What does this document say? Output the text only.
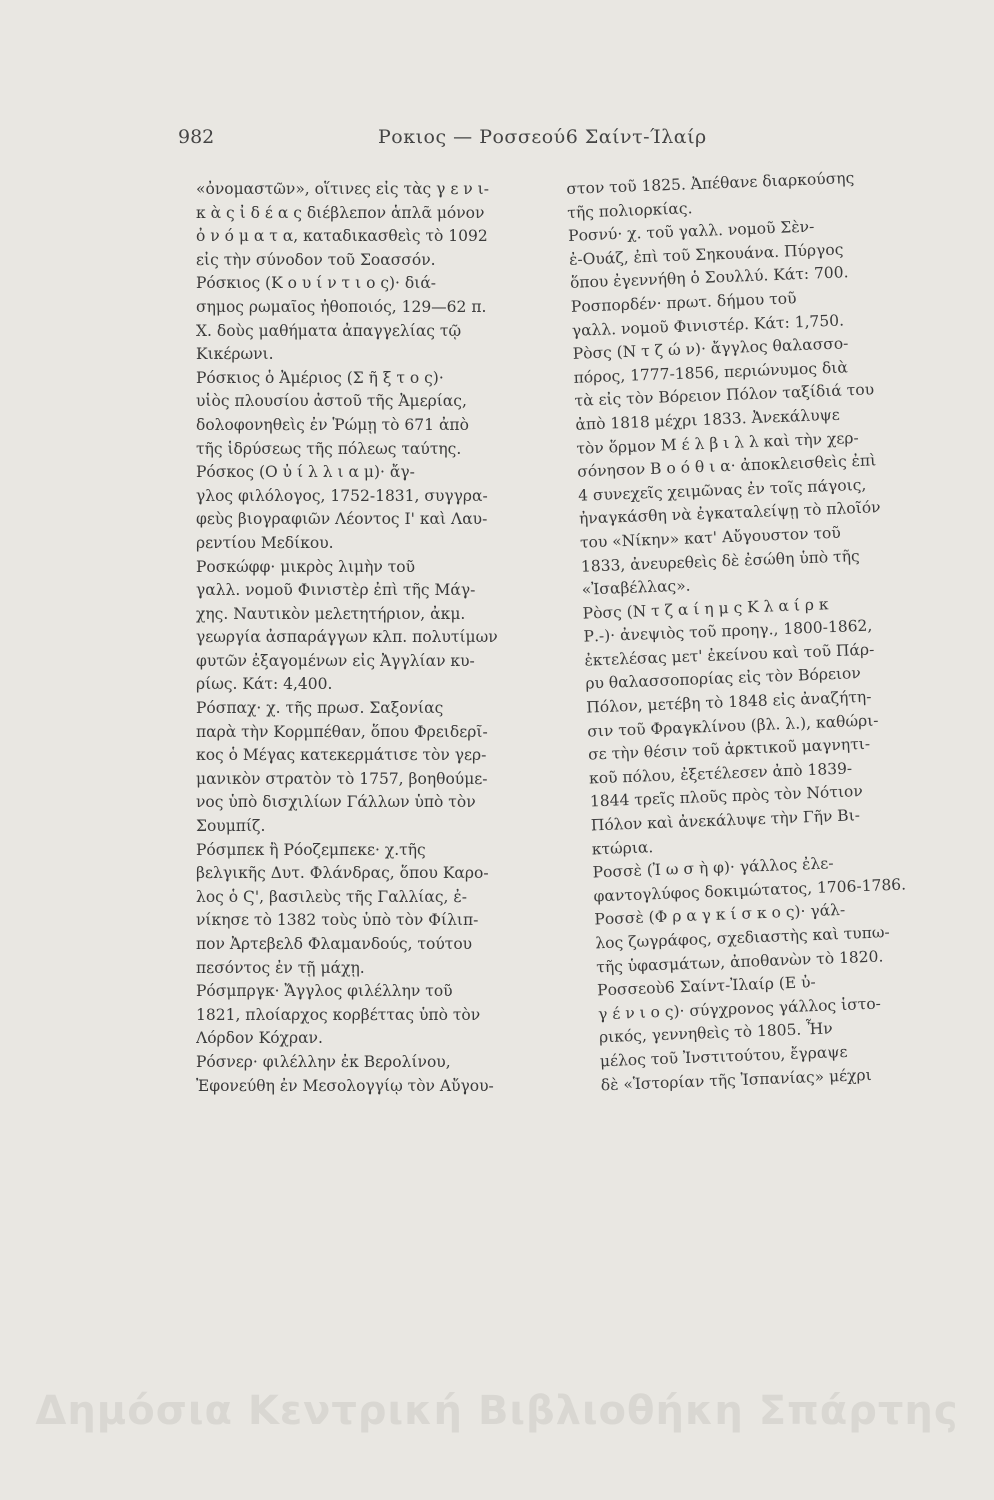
982	Ροκιος — Ροσσεού6 Σαίντ-Ίλαίρ
«ὀνομαστῶν», οἵτινες εἰς τὰς γ ε ν ι-
κ ὰ ς ἰ δ έ α ς διέβλεπον ἁπλᾶ μόνον
ὀ ν ό μ α τ α, καταδικασθεὶς τὸ 1092
εἰς τὴν σύνοδον τοῦ Σοασσόν.
Ρόσκιος (Κ ο υ ί ν τ ι ο ς)· διά-
σημος ρωμαῖος ἠθοποιός, 129—62 π.
Χ. δοὺς μαθήματα ἀπαγγελίας τῷ
Κικέρωνι.
Ρόσκιος ὁ Ἀμέριος (Σ ῆ ξ τ ο ς)·
υἱὸς πλουσίου ἀστοῦ τῆς Ἀμερίας,
δολοφονηθεὶς ἐν Ῥώμῃ τὸ 671 ἀπὸ
τῆς ἱδρύσεως τῆς πόλεως ταύτης.
Ρόσκος (Ο ὐ ί λ λ ι α μ)· ἄγ-
γλος φιλόλογος, 1752-1831, συγγρα-
φεὺς βιογραφιῶν Λέοντος Ι' καὶ Λαυ-
ρεντίου Μεδίκου.
Ροσκώφφ· μικρὸς λιμὴν τοῦ
γαλλ. νομοῦ Φινιστὲρ ἐπὶ τῆς Μάγ-
χης. Ναυτικὸν μελετητήριον, ἀκμ.
γεωργία ἀσπαράγγων κλπ. πολυτίμων
φυτῶν ἐξαγομένων εἰς Ἀγγλίαν κυ-
ρίως. Κάτ: 4,400.
Ρόσπαχ· χ. τῆς πρωσ. Σαξονίας
παρὰ τὴν Κορμπέθαν, ὅπου Φρειδερῖ-
κος ὁ Μέγας κατεκερμάτισε τὸν γερ-
μανικὸν στρατὸν τὸ 1757, βοηθούμε-
νος ὑπὸ δισχιλίων Γάλλων ὑπὸ τὸν
Σουμπίζ.
Ρόσμπεκ ἢ Ρόοζεμπεκε· χ.τῆς
βελγικῆς Δυτ. Φλάνδρας, ὅπου Καρο-
λος ὁ Ϛ', βασιλεὺς τῆς Γαλλίας, ἐ-
νίκησε τὸ 1382 τοὺς ὑπὸ τὸν Φίλιπ-
πον Ἀρτεβελδ Φλαμανδούς, τούτου
πεσόντος ἐν τῇ μάχῃ.
Ρόσμπργκ· Ἄγγλος φιλέλλην τοῦ
1821, πλοίαρχος κορβέττας ὑπὸ τὸν
Λόρδον Κόχραν.
Ρόσνερ· φιλέλλην ἐκ Βερολίνου,
Ἐφονεύθη ἐν Μεσολογγίῳ τὸν Αὔγου-
στον τοῦ 1825. Ἀπέθανε διαρκούσης
τῆς πολιορκίας.
Ροσνύ· χ. τοῦ γαλλ. νομοῦ Σὲν-
ἐ-Ουάζ, ἐπὶ τοῦ Σηκουάνα. Πύργος
ὅπου ἐγεννήθη ὁ Σουλλύ. Κάτ: 700.
Ροσπορδέν· πρωτ. δήμου τοῦ
γαλλ. νομοῦ Φινιστέρ. Κάτ: 1,750.
Ρὸσς (Ν τ ζ ώ ν)· ἄγγλος θαλασσο-
πόρος, 1777-1856, περιώνυμος διὰ
τὰ εἰς τὸν Βόρειον Πόλον ταξίδιά του
ἀπὸ 1818 μέχρι 1833. Ἀνεκάλυψε
τὸν ὅρμον Μ έ λ β ι λ λ καὶ τὴν χερ-
σόνησον Β ο ό θ ι α· ἀποκλεισθεὶς ἐπὶ
4 συνεχεῖς χειμῶνας ἐν τοῖς πάγοις,
ἠναγκάσθη νὰ ἐγκαταλείψῃ τὸ πλοῖόν
του «Νίκην» κατ' Αὔγουστον τοῦ
1833, ἀνευρεθεὶς δὲ ἐσώθη ὑπὸ τῆς
«Ἰσαβέλλας».
Ρὸσς (Ν τ ζ α ί η μ ς Κ λ α ί ρ κ
Ρ.-)· ἀνεψιὸς τοῦ προηγ., 1800-1862,
ἐκτελέσας μετ' ἐκείνου καὶ τοῦ Πάρ-
ρυ θαλασσοπορίας εἰς τὸν Βόρειον
Πόλον, μετέβη τὸ 1848 εἰς ἀναζήτη-
σιν τοῦ Φραγκλίνου (βλ. λ.), καθώρι-
σε τὴν θέσιν τοῦ ἀρκτικοῦ μαγνητι-
κοῦ πόλου, ἐξετέλεσεν ἀπὸ 1839-
1844 τρεῖς πλοῦς πρὸς τὸν Νότιον
Πόλον καὶ ἀνεκάλυψε τὴν Γῆν Βι-
κτώρια.
Ροσσὲ (Ἰ ω σ ὴ φ)· γάλλος ἐλε-
φαντογλύφος δοκιμώτατος, 1706-1786.
Ροσσὲ (Φ ρ α γ κ ί σ κ ο ς)· γάλ-
λος ζωγράφος, σχεδιαστὴς καὶ τυπω-
τῆς ὑφασμάτων, ἀποθανὼν τὸ 1820.
Ροσσεοὺ6 Σαίντ-Ἰλαίρ (Ε ὐ-
γ έ ν ι ο ς)· σύγχρονος γάλλος ἱστο-
ρικός, γεννηθεὶς τὸ 1805. Ἦν
μέλος τοῦ Ἰνστιτούτου, ἔγραψε
δὲ «Ἱστορίαν τῆς Ἰσπανίας» μέχρι
Δημόσια Κεντρική Βιβλιοθήκη Σπάρτης
